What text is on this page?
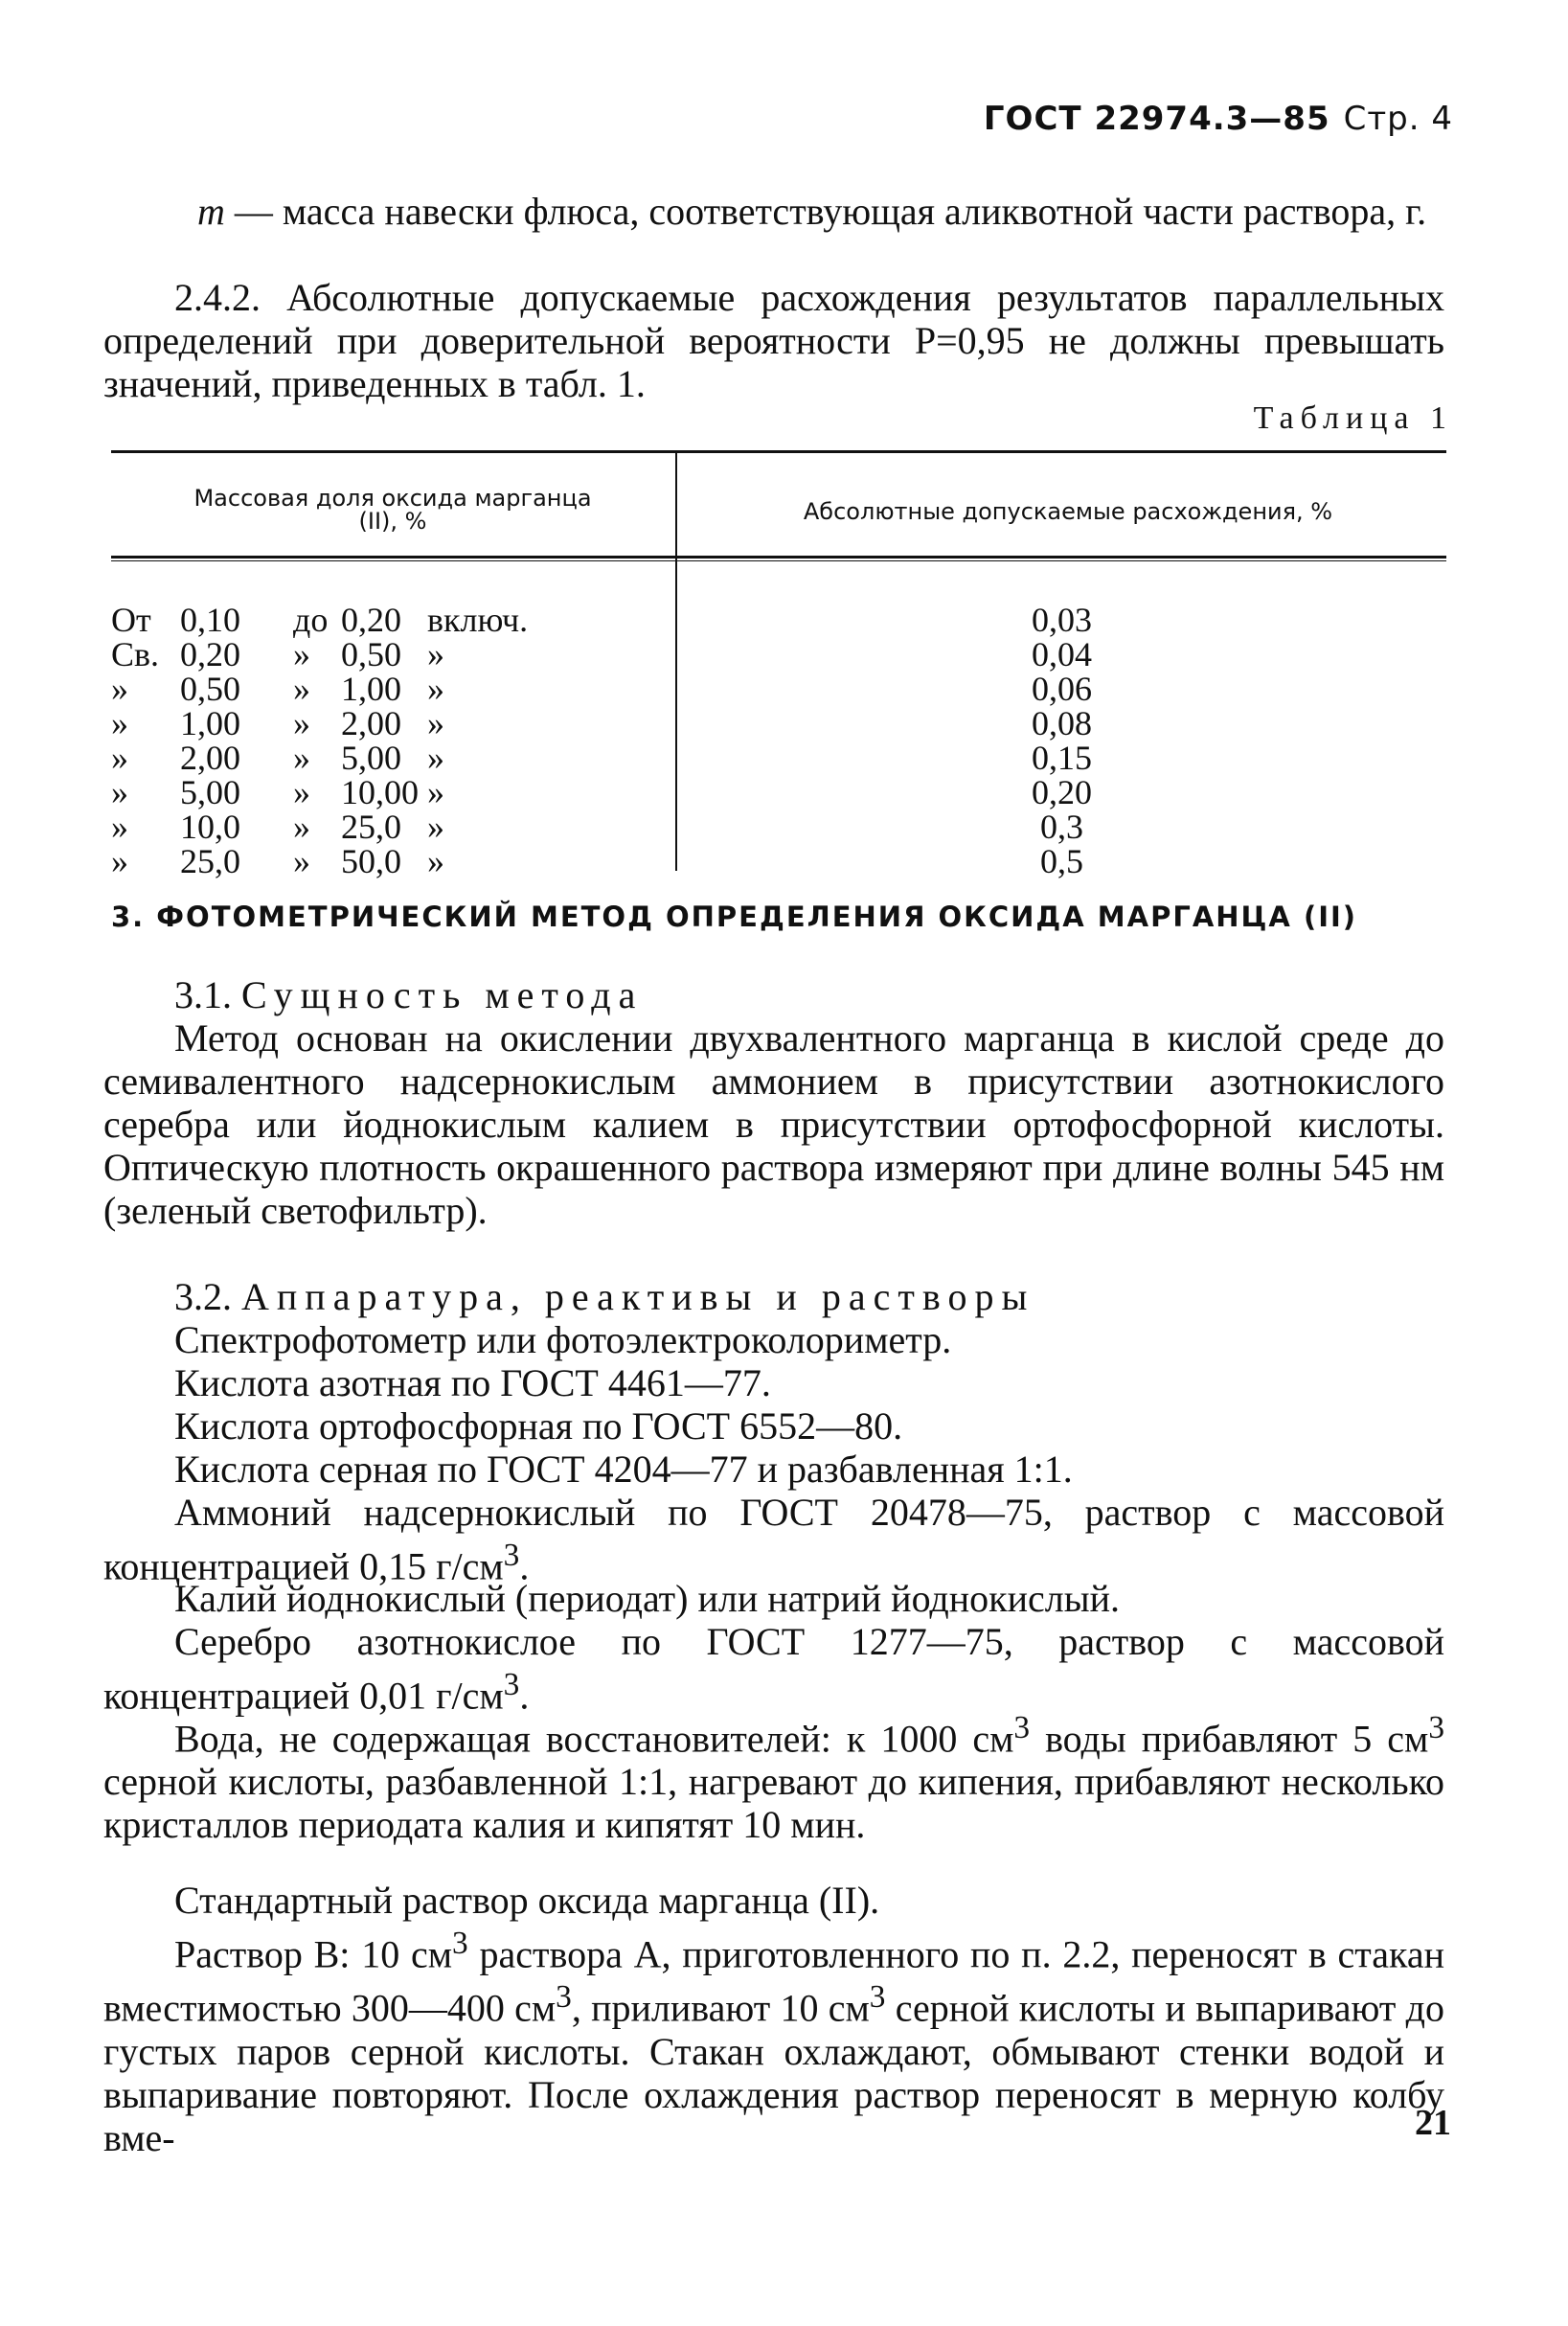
ГОСТ 22974.3—85 Стр. 4
m — масса навески флюса, соответствующая аликвотной части раствора, г.
2.4.2. Абсолютные допускаемые расхождения результатов параллельных определений при доверительной вероятности P=0,95 не должны превышать значений, приведенных в табл. 1.
Таблица 1
Массовая доля оксида марганца (II), %	Абсолютные допускаемые расхождения, %
От 0,10 до 0,20 включ.	0,03
Св. 0,20 » 0,50 »	0,04
» 0,50 » 1,00 »	0,06
» 1,00 » 2,00 »	0,08
» 2,00 » 5,00 »	0,15
» 5,00 » 10,00 »	0,20
» 10,0 » 25,0 »	0,3
» 25,0 » 50,0 »	0,5
3. ФОТОМЕТРИЧЕСКИЙ МЕТОД ОПРЕДЕЛЕНИЯ ОКСИДА МАРГАНЦА (II)
3.1. Сущность метода
Метод основан на окислении двухвалентного марганца в кислой среде до семивалентного надсернокислым аммонием в присутствии азотнокислого серебра или йоднокислым калием в присутствии ортофосфорной кислоты. Оптическую плотность окрашенного раствора измеряют при длине волны 545 нм (зеленый светофильтр).
3.2. Аппаратура, реактивы и растворы
Спектрофотометр или фотоэлектроколориметр.
Кислота азотная по ГОСТ 4461—77.
Кислота ортофосфорная по ГОСТ 6552—80.
Кислота серная по ГОСТ 4204—77 и разбавленная 1:1.
Аммоний надсернокислый по ГОСТ 20478—75, раствор с массовой концентрацией 0,15 $г/см^3$.
Калий йоднокислый (периодат) или натрий йоднокислый.
Серебро азотнокислое по ГОСТ 1277—75, раствор с массовой концентрацией 0,01 $г/см^3$.
Вода, не содержащая восстановителей: к 1000 $см^3$ воды прибавляют 5 $см^3$ серной кислоты, разбавленной 1:1, нагревают до кипения, прибавляют несколько кристаллов периодата калия и кипятят 10 мин.
Стандартный раствор оксида марганца (II).
Раствор В: 10 $см^3$ раствора А, приготовленного по п. 2.2, переносят в стакан вместимостью 300—400 $см^3$, приливают 10 $см^3$ серной кислоты и выпаривают до густых паров серной кислоты. Стакан охлаждают, обмывают стенки водой и выпаривание повторяют. После охлаждения раствор переносят в мерную колбу вме-	21
